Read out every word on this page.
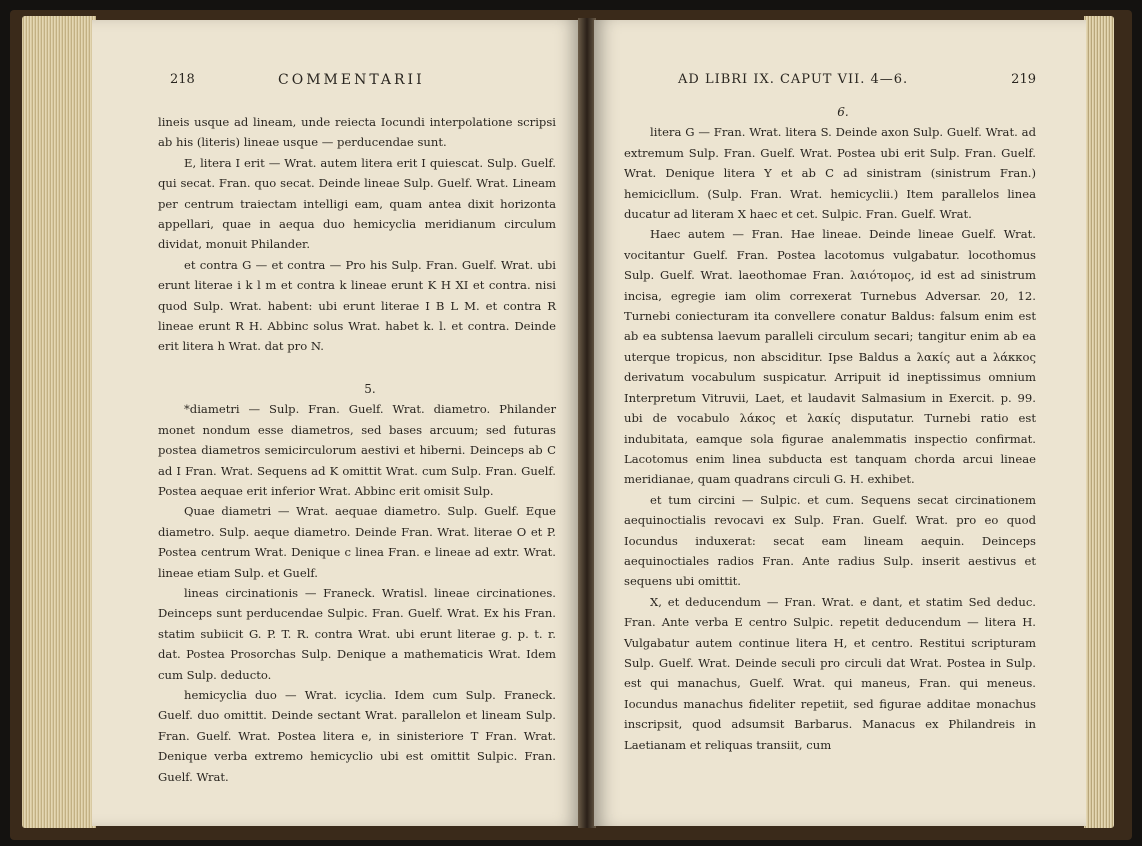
218	COMMENTARII

lineis usque ad lineam, unde reiecta Iocundi interpolatione scripsi ab his (literis) lineae usque — perducendae sunt.

E, litera I erit — Wrat. autem litera erit I quiescat. Sulp. Guelf. qui secat. Fran. quo secat. Deinde lineae Sulp. Guelf. Wrat. Lineam per centrum traiectam intelligi eam, quam antea dixit horizonta appellari, quae in aequa duo hemicyclia meridianum circulum dividat, monuit Philander.

et contra G — et contra — Pro his Sulp. Fran. Guelf. Wrat. ubi erunt literae i k l m et contra k lineae erunt K H XI et contra. nisi quod Sulp. Wrat. habent: ubi erunt literae I B L M. et contra R lineae erunt R H. Abbinc solus Wrat. habet k. l. et contra. Deinde erit litera h Wrat. dat pro N.

5.

*diametri — Sulp. Fran. Guelf. Wrat. diametro. Philander monet nondum esse diametros, sed bases arcuum; sed futuras postea diametros semicirculorum aestivi et hiberni. Deinceps ab C ad I Fran. Wrat. Sequens ad K omittit Wrat. cum Sulp. Fran. Guelf. Postea aequae erit inferior Wrat. Abbinc erit omisit Sulp.

Quae diametri — Wrat. aequae diametro. Sulp. Guelf. Eque diametro. Sulp. aeque diametro. Deinde Fran. Wrat. literae O et P. Postea centrum Wrat. Denique c linea Fran. e lineae ad extr. Wrat. lineae etiam Sulp. et Guelf.

lineas circinationis — Franeck. Wratisl. lineae circinationes. Deinceps sunt perducendae Sulpic. Fran. Guelf. Wrat. Ex his Fran. statim subiicit G. P. T. R. contra Wrat. ubi erunt literae g. p. t. r. dat. Postea Prosorchas Sulp. Denique a mathematicis Wrat. Idem cum Sulp. deducto.

hemicyclia duo — Wrat. icyclia. Idem cum Sulp. Franeck. Guelf. duo omittit. Deinde sectant Wrat. parallelon et lineam Sulp. Fran. Guelf. Wrat. Postea litera e, in sinisteriore T Fran. Wrat. Denique verba extremo hemicyclio ubi est omittit Sulpic. Fran. Guelf. Wrat.

AD LIBRI IX. CAPUT VII. 4—6.	219

6.

litera G — Fran. Wrat. litera S. Deinde axon Sulp. Guelf. Wrat. ad extremum Sulp. Fran. Guelf. Wrat. Postea ubi erit Sulp. Fran. Guelf. Wrat. Denique litera Y et ab C ad sinistram (sinistrum Fran.) hemicicllum. (Sulp. Fran. Wrat. hemicyclii.) Item parallelos linea ducatur ad literam X haec et cet. Sulpic. Fran. Guelf. Wrat.

Haec autem — Fran. Hae lineae. Deinde lineae Guelf. Wrat. vocitantur Guelf. Fran. Postea lacotomus vulgabatur. locothomus Sulp. Guelf. Wrat. laeothomae Fran. λαιότομος, id est ad sinistrum incisa, egregie iam olim correxerat Turnebus Adversar. 20, 12. Turnebi coniecturam ita convellere conatur Baldus: falsum enim est ab ea subtensa laevum paralleli circulum secari; tangitur enim ab ea uterque tropicus, non absciditur. Ipse Baldus a λακίς aut a λάκκος derivatum vocabulum suspicatur. Arripuit id ineptissimus omnium Interpretum Vitruvii, Laet, et laudavit Salmasium in Exercit. p. 99. ubi de vocabulo λάκος et λακίς disputatur. Turnebi ratio est indubitata, eamque sola figurae analemmatis inspectio confirmat. Lacotomus enim linea subducta est tanquam chorda arcui lineae meridianae, quam quadrans circuli G. H. exhibet.

et tum circini — Sulpic. et cum. Sequens secat circinationem aequinoctialis revocavi ex Sulp. Fran. Guelf. Wrat. pro eo quod Iocundus induxerat: secat eam lineam aequin. Deinceps aequinoctiales radios Fran. Ante radius Sulp. inserit aestivus et sequens ubi omittit.

X, et deducendum — Fran. Wrat. e dant, et statim Sed deduc. Fran. Ante verba E centro Sulpic. repetit deducendum — litera H. Vulgabatur autem continue litera H, et centro. Restitui scripturam Sulp. Guelf. Wrat. Deinde seculi pro circuli dat Wrat. Postea in Sulp. est qui manachus, Guelf. Wrat. qui maneus, Fran. qui meneus. Iocundus manachus fideliter repetiit, sed figurae additae monachus inscripsit, quod adsumsit Barbarus. Manacus ex Philandreis in Laetianam et reliquas transiit, cum
